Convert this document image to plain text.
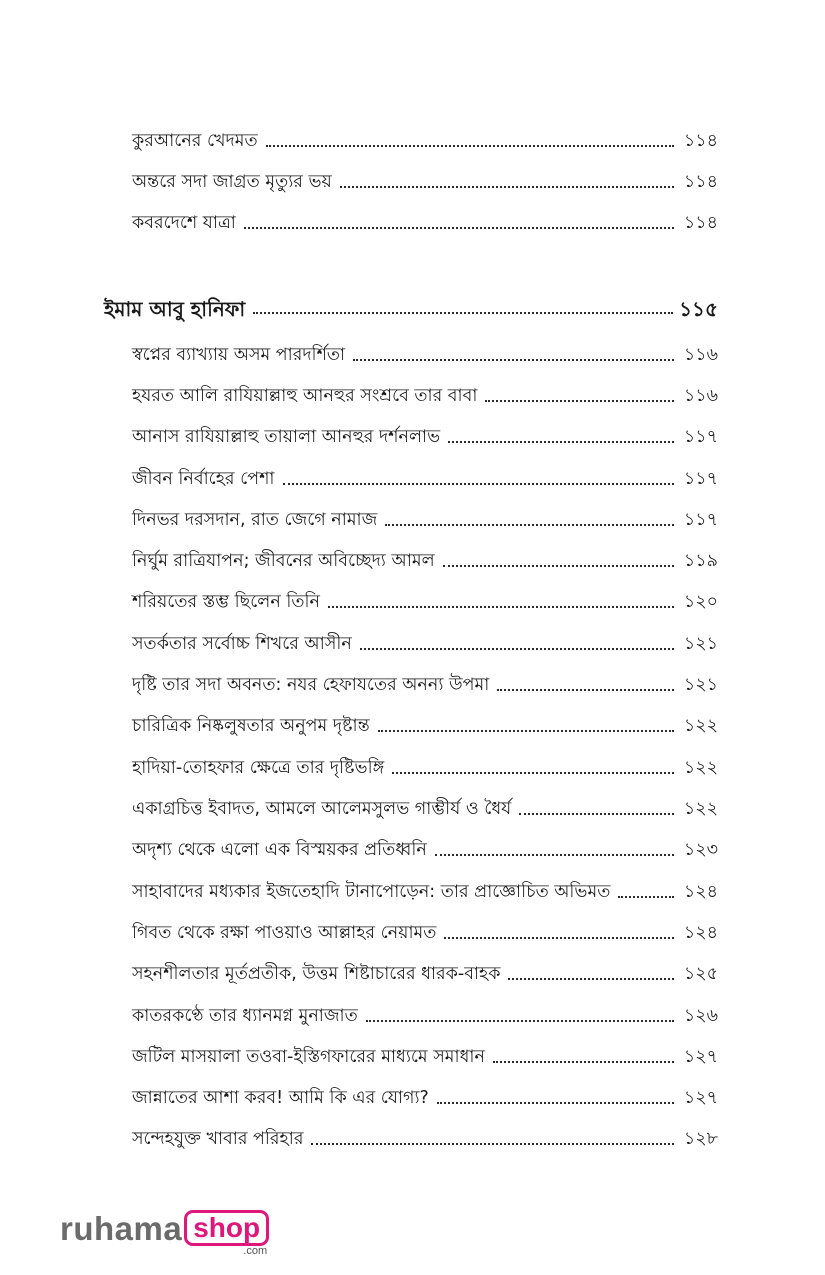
কুরআনের খেদমত	১১৪
অন্তরে সদা জাগ্রত মৃত্যুর ভয়	১১৪
কবরদেশে যাত্রা	১১৪
ইমাম আবু হানিফা	১১৫
স্বপ্নের ব্যাখ্যায় অসম পারদর্শিতা	১১৬
হযরত আলি রাযিয়াল্লাহু আনহুর সংশ্রবে তার বাবা	১১৬
আনাস রাযিয়াল্লাহু তায়ালা আনহুর দর্শনলাভ	১১৭
জীবন নির্বাহের পেশা	১১৭
দিনভর দরসদান, রাত জেগে নামাজ	১১৭
নির্ঘুম রাত্রিযাপন; জীবনের অবিচ্ছেদ্য আমল	১১৯
শরিয়তের স্তম্ভ ছিলেন তিনি	১২০
সতর্কতার সর্বোচ্চ শিখরে আসীন	১২১
দৃষ্টি তার সদা অবনত: নযর হেফাযতের অনন্য উপমা	১২১
চারিত্রিক নিষ্কলুষতার অনুপম দৃষ্টান্ত	১২২
হাদিয়া-তোহফার ক্ষেত্রে তার দৃষ্টিভঙ্গি	১২২
একাগ্রচিত্ত ইবাদত, আমলে আলেমসুলভ গাম্ভীর্য ও ধৈর্য	১২২
অদৃশ্য থেকে এলো এক বিস্ময়কর প্রতিধ্বনি	১২৩
সাহাবাদের মধ্যকার ইজতেহাদি টানাপোড়েন: তার প্রাজ্ঞোচিত অভিমত	১২৪
গিবত থেকে রক্ষা পাওয়াও আল্লাহর নেয়ামত	১২৪
সহনশীলতার মূর্তপ্রতীক, উত্তম শিষ্টাচারের ধারক-বাহক	১২৫
কাতরকণ্ঠে তার ধ্যানমগ্ন মুনাজাত	১২৬
জটিল মাসয়ালা তওবা-ইস্তিগফারের মাধ্যমে সমাধান	১২৭
জান্নাতের আশা করব! আমি কি এর যোগ্য?	১২৭
সন্দেহযুক্ত খাবার পরিহার	১২৮
ruhama shop
.com
